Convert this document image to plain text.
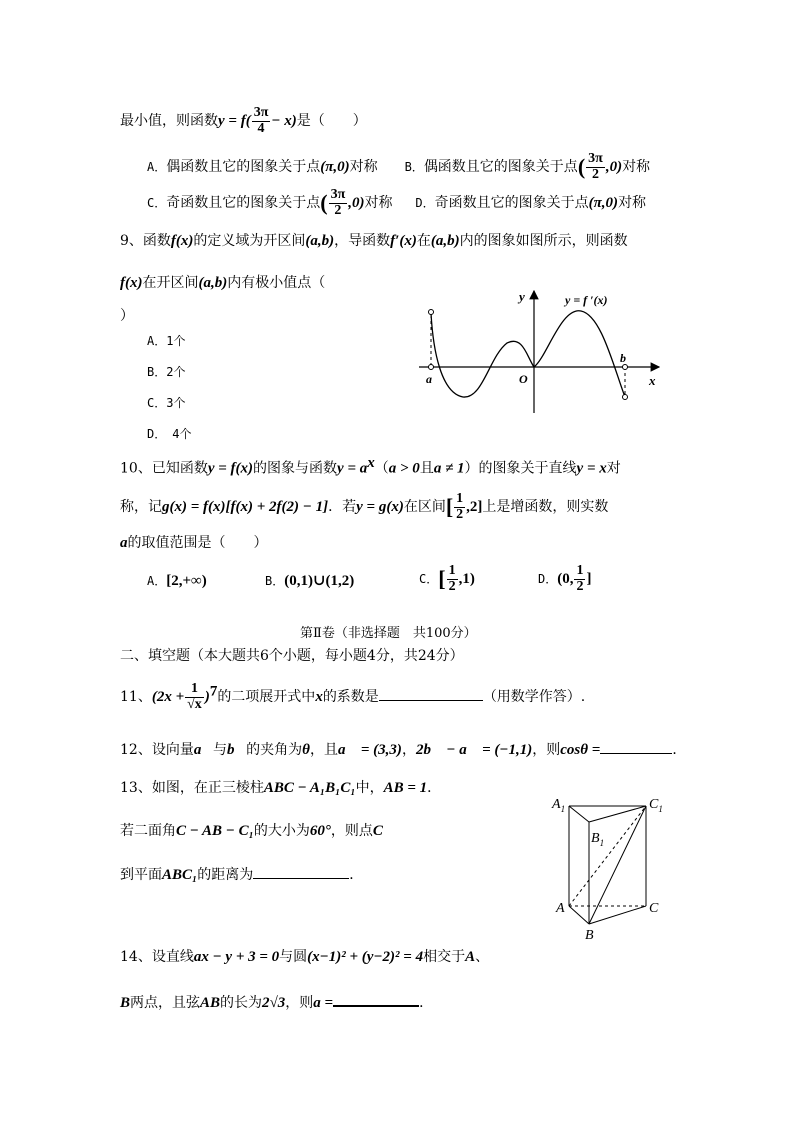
最小值，则函数$y = f( \frac{3\pi}{4} - x)$是（　　）
A．偶函数且它的图象关于点(π,0)对称 B．偶函数且它的图象关于点( $\frac{3\pi}{2} ,0$)对称
C．奇函数且它的图象关于点( $\frac{3\pi}{2} ,0$)对称 D．奇函数且它的图象关于点(π,0)对称
9、函数f(x)的定义域为开区间(a,b)，导函数f′(x)在(a,b)内的图象如图所示，则函数
f(x)在开区间(a,b)内有极小值点（
）
A．1个
B．2个
C．3个
D．　4个
y
x
y = f ′(x)
a
b
O
10、已知函数y = f(x)的图象与函数$y = a^x(a > 0$且a ≠ 1）的图象关于直线y = x对
称，记g(x) = f(x)[f(x) + 2f(2) − 1]．若y = g(x)在区间[ $\frac{1}{2} ,2$]上是增函数，则实数
a的取值范围是（　　）
A．[2,+∞)	B．(0,1)∪(1,2)	C．[ $\frac{1}{2} ,1$)	D．(0, $\frac{1}{2}$ ]
第Ⅱ卷（非选择题　共100分）
二、填空题（本大题共6个小题，每小题4分，共24分）
11、$(2x + \frac{1}{√x} )^7$的二项展开式中x的系数是	（用数学作答）.
12、设向量a⃗与b⃗的夹角为θ，且a⃗ = (3,3)，2b⃗ − a⃗ = (−1,1)，则cosθ =	．
13、如图，在正三棱柱ABC − A₁B₁C₁中，AB = 1．
若二面角C − AB − C₁的大小为60°，则点C
到平面ABC₁的距离为	．
$A_1$	$C_1$
$B_1$
A	C
B
14、设直线ax − y + 3 = 0与圆(x−1)² + (y−2)² = 4相交于A、
B两点，且弦AB的长为2√3，则a =	．
